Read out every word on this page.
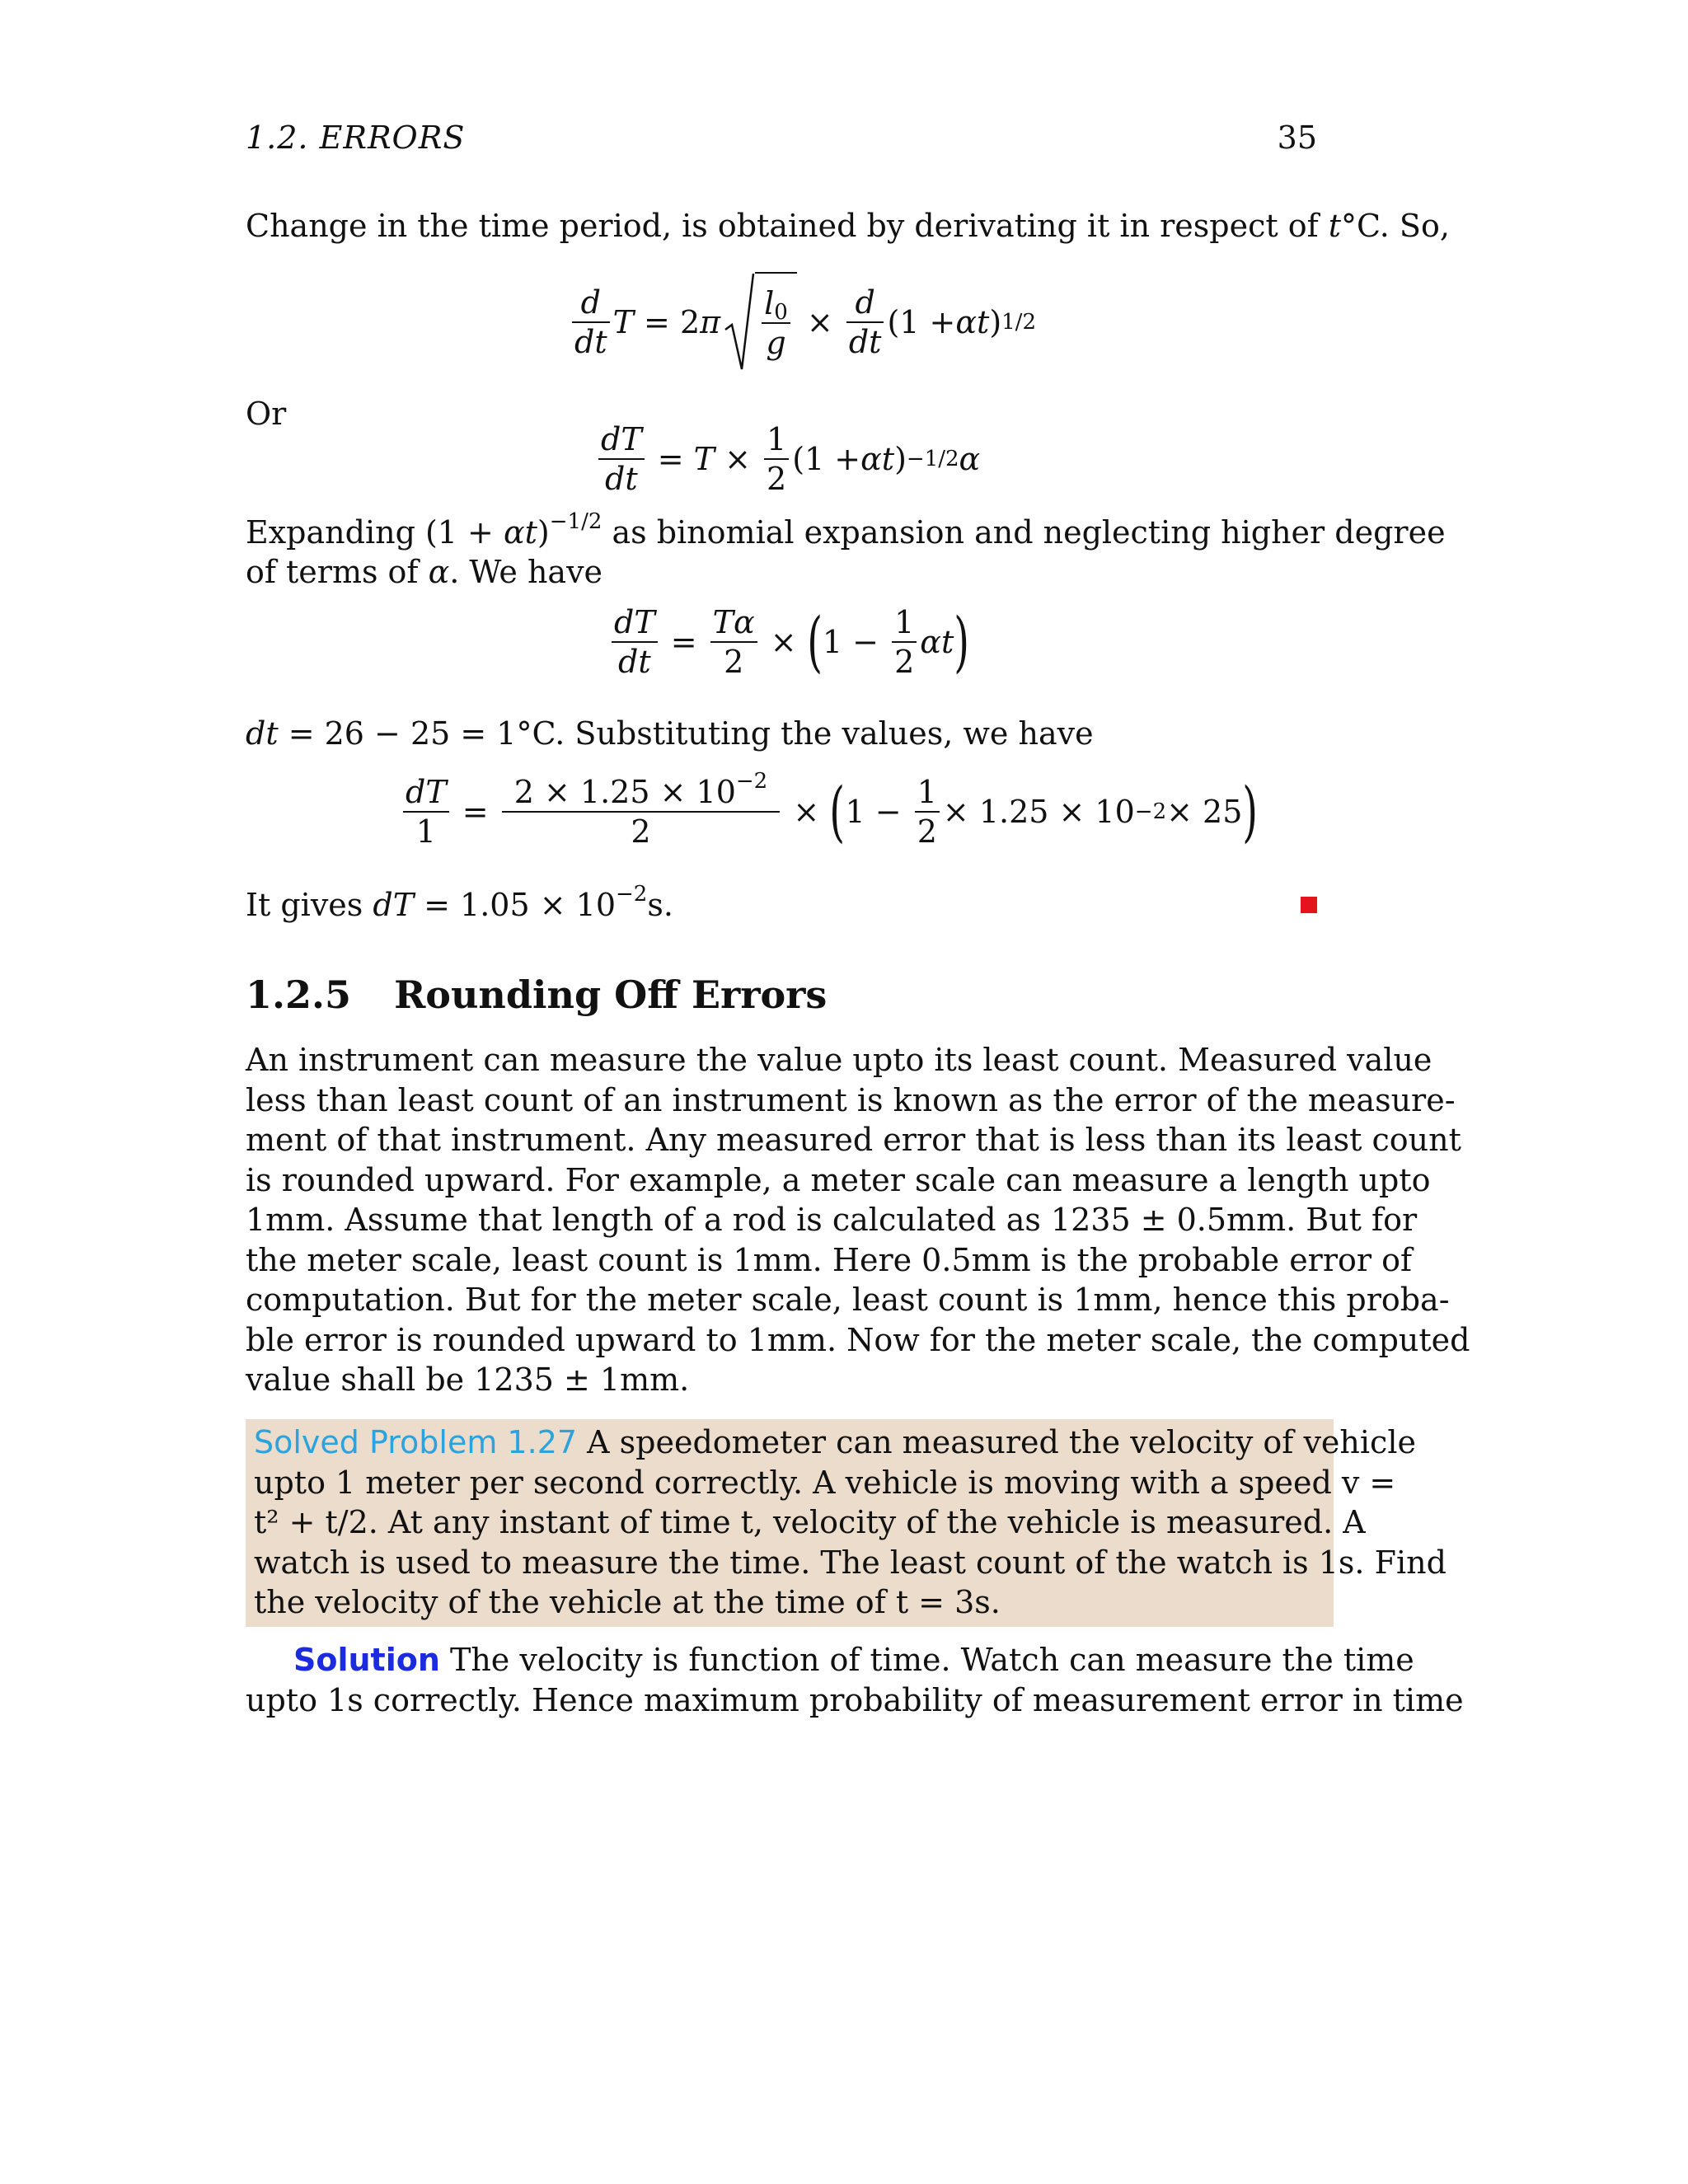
1.2. ERRORS	35
Change in the time period, is obtained by derivating it in respect of t°C. So,
$\frac{d}{dt}$ T = 2 π $\frac{l_0}{g} \times \frac{d}{dt} (1 + \alpha t$ ) 1/2
Or
$\frac{dT}{dt} = T \times \frac{1}{2} (1 + \alpha t$ ) −1/2 α
Expanding $(1 + \alpha t)^{-1/2}$ as binomial expansion and neglecting higher degree
of terms of α. We have
$\frac{dT}{dt} = \frac{T\alpha}{2}$ × ( $1 - \frac{1}{2}$ αt )
dt = 26 − 25 = 1°C. Substituting the values, we have
$\frac{dT}{1} = \frac{2 \times 1.25 \times 10^{-2}}{2}$ × ( $1 - \frac{1}{2} \times 1.25 \times 10 -2 \times 25$ )
It gives dT = $1.05 \times 10^{-2}s$.
1.2.5 Rounding Off Errors
An instrument can measure the value upto its least count. Measured value
less than least count of an instrument is known as the error of the measure-
ment of that instrument. Any measured error that is less than its least count
is rounded upward. For example, a meter scale can measure a length upto
1mm. Assume that length of a rod is calculated as 1235 ± 0.5mm. But for
the meter scale, least count is 1mm. Here 0.5mm is the probable error of
computation. But for the meter scale, least count is 1mm, hence this proba-
ble error is rounded upward to 1mm. Now for the meter scale, the computed
value shall be 1235 ± 1mm.
Solved Problem 1.27 A speedometer can measured the velocity of vehicle
upto 1 meter per second correctly. A vehicle is moving with a speed v =
t² + t/2. At any instant of time t, velocity of the vehicle is measured. A
watch is used to measure the time. The least count of the watch is 1s. Find
the velocity of the vehicle at the time of t = 3s.
Solution The velocity is function of time. Watch can measure the time
upto 1s correctly. Hence maximum probability of measurement error in time
